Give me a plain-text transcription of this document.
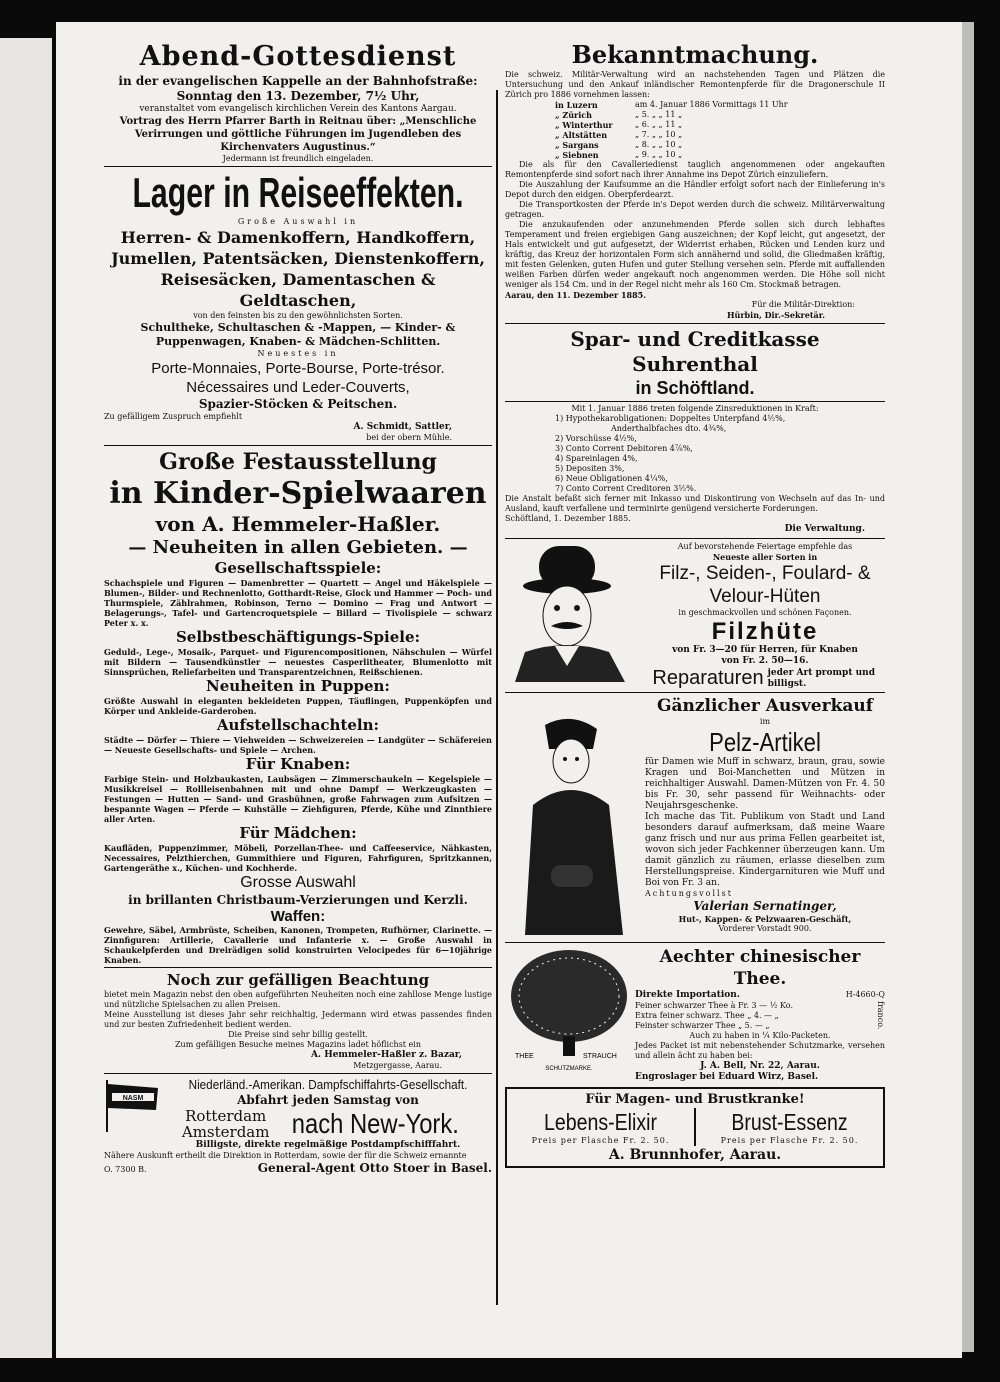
Abend-Gottesdienst
in der evangelischen Kappelle an der Bahnhofstraße:
Sonntag den 13. Dezember, 7½ Uhr,
veranstaltet vom evangelisch kirchlichen Verein des Kantons Aargau.
Vortrag des Herrn Pfarrer Barth in Reitnau über: „Menschliche Verirrungen und göttliche Führungen im Jugendleben des Kirchenvaters Augustinus.“
Jedermann ist freundlich eingeladen.
Lager in Reiseeffekten.
Große Auswahl in
Herren- & Damenkoffern, Handkoffern, Jumellen, Patentsäcken, Dienstenkoffern, Reisesäcken, Damentaschen & Geldtaschen,
von den feinsten bis zu den gewöhnlichsten Sorten.
Schultheke, Schultaschen & -Mappen, — Kinder- & Puppenwagen, Knaben- & Mädchen-Schlitten.
Neuestes in
Porte-Monnaies, Porte-Bourse, Porte-trésor.
Nécessaires und Leder-Couverts,
Spazier-Stöcken & Peitschen.
Zu gefälligem Zuspruch empfiehlt
A. Schmidt, Sattler,
bei der obern Mühle.
Große Festausstellung
in Kinder-Spielwaaren
von A. Hemmeler-Haßler.
— Neuheiten in allen Gebieten. —
Gesellschaftsspiele:
Schachspiele und Figuren — Damenbretter — Quartett — Angel und Häkelspiele — Blumen-, Bilder- und Rechnenlotto, Gotthardt-Reise, Glock und Hammer — Poch- und Thurmspiele, Zählrahmen, Robinson, Terno — Domino — Frag und Antwort — Belagerungs-, Tafel- und Gartencroquetspiele — Billard — Tivolispiele — schwarz Peter x. x.
Selbstbeschäftigungs-Spiele:
Geduld-, Lege-, Mosaik-, Parquet- und Figurencompositionen, Nähschulen — Würfel mit Bildern — Tausendkünstler — neuestes Casperlitheater, Blumenlotto mit Sinnsprüchen, Reliefarbeiten und Transparentzeichnen, Reißschienen.
Neuheiten in Puppen:
Größte Auswahl in eleganten bekleideten Puppen, Täuflingen, Puppenköpfen und Körper und Ankleide-Garderoben.
Aufstellschachteln:
Städte — Dörfer — Thiere — Viehweiden — Schweizereien — Landgüter — Schäfereien — Neueste Gesellschafts- und Spiele — Archen.
Für Knaben:
Farbige Stein- und Holzbaukasten, Laubsägen — Zimmerschaukeln — Kegelspiele — Musikkreisel — Rollleisenbahnen mit und ohne Dampf — Werkzeugkasten — Festungen — Hutten — Sand- und Grasbühnen, große Fahrwagen zum Aufsitzen — bespannte Wagen — Pferde — Kuhställe — Ziehfiguren, Pferde, Kühe und Zinnthiere aller Arten.
Für Mädchen:
Kaufläden, Puppenzimmer, Möbeli, Porzellan-Thee- und Caffeeservice, Nähkasten, Necessaires, Pelzthierchen, Gummithiere und Figuren, Fahrfiguren, Spritzkannen, Gartengeräthe x., Küchen- und Kochherde.
Grosse Auswahl
in brillanten Christbaum-Verzierungen und Kerzli.
Waffen:
Gewehre, Säbel, Armbrüste, Scheiben, Kanonen, Trompeten, Rufhörner, Clarinette. — Zinnfiguren: Artillerie, Cavallerie und Infanterie x. — Große Auswahl in Schaukelpferden und Dreirädigen solid konstruirten Velocipedes für 6—10jährige Knaben.
Noch zur gefälligen Beachtung
bietet mein Magazin nebst den oben aufgeführten Neuheiten noch eine zahllose Menge lustige und nützliche Spielsachen zu allen Preisen.
Meine Ausstellung ist dieses Jahr sehr reichhaltig, Jedermann wird etwas passendes finden und zur besten Zufriedenheit bedient werden.
Die Preise sind sehr billig gestellt.
Zum gefälligen Besuche meines Magazins ladet höflichst ein
A. Hemmeler-Haßler z. Bazar,
Metzgergasse, Aarau.
NASM
Niederländ.-Amerikan. Dampfschiffahrts-Gesellschaft.
Abfahrt jeden Samstag von
Rotterdam
Amsterdam nach New-York.
Billigste, direkte regelmäßige Postdampfschifffahrt.
Nähere Auskunft ertheilt die Direktion in Rotterdam, sowie der für die Schweiz ernannte
O. 7300 B.	General-Agent Otto Stoer in Basel.
Bekanntmachung.
Die schweiz. Militär-Verwaltung wird an nachstehenden Tagen und Plätzen die Untersuchung und den Ankauf inländischer Remontenpferde für die Dragonerschule II Zürich pro 1886 vornehmen lassen:
in Luzern	am 4. Januar 1886 Vormittags 11 Uhr
„ Zürich	„ 5. „ „ 11 „
„ Winterthur	„ 6. „ „ 11 „
„ Altstätten	„ 7. „ „ 10 „
„ Sargans	„ 8. „ „ 10 „
„ Siebnen	„ 9. „ „ 10 „
Die als für den Cavalleriedienst tauglich angenommenen oder angekauften Remontenpferde sind sofort nach ihrer Annahme ins Depot Zürich einzuliefern.
Die Auszahlung der Kaufsumme an die Händler erfolgt sofort nach der Einlieferung in's Depot durch den eidgen. Oberpferdearzt.
Die Transportkosten der Pferde in's Depot werden durch die schweiz. Militärverwaltung getragen.
Die anzukaufenden oder anzunehmenden Pferde sollen sich durch lebhaftes Temperament und freien ergiebigen Gang auszeichnen; der Kopf leicht, gut angesetzt, der Hals entwickelt und gut aufgesetzt, der Widerrist erhaben, Rücken und Lenden kurz und kräftig, das Kreuz der horizontalen Form sich annähernd und solid, die Gliedmaßen kräftig, mit festen Gelenken, guten Hufen und guter Stellung versehen sein. Pferde mit auffallenden weißen Farben dürfen weder angekauft noch angenommen werden. Die Höhe soll nicht weniger als 154 Cm. und in der Regel nicht mehr als 160 Cm. Stockmaß betragen.
Aarau, den 11. Dezember 1885.
Für die Militär-Direktion:
Hürbin, Dir.-Sekretär.
Spar- und Creditkasse Suhrenthal
in Schöftland.
Mit 1. Januar 1886 treten folgende Zinsreduktionen in Kraft:
1) Hypothekarobligationen: Doppeltes Unterpfand 4½%,
Anderthalbfaches dto. 4¾%,
2) Vorschüsse 4½%,
3) Conto Corrent Debitoren 4⅞%,
4) Spareinlagen 4%,
5) Depositen 3%,
6) Neue Obligationen 4¼%,
7) Conto Corrent Creditoren 3½%.
Die Anstalt befaßt sich ferner mit Inkasso und Diskontirung von Wechseln auf das In- und Ausland, kauft verfallene und terminirte genügend versicherte Forderungen.
Schöftland, 1. Dezember 1885.
Die Verwaltung.
Auf bevorstehende Feiertage empfehle das
Neueste aller Sorten in
Filz-, Seiden-, Foulard- &
Velour-Hüten
in geschmackvollen und schönen Façonen.
Filzhüte
von Fr. 3—20 für Herren, für Knaben
von Fr. 2. 50—16.
Reparaturen jeder Art prompt und billigst.
Gänzlicher Ausverkauf
im
Pelz-Artikel
für Damen wie Muff in schwarz, braun, grau, sowie Kragen und Boi-Manchetten und Mützen in reichhaltiger Auswahl. Damen-Mützen von Fr. 4. 50 bis Fr. 30, sehr passend für Weihnachts- oder Neujahrsgeschenke.
Ich mache das Tit. Publikum von Stadt und Land besonders darauf aufmerksam, daß meine Waare ganz frisch und nur aus prima Fellen gearbeitet ist, wovon sich jeder Fachkenner überzeugen kann. Um damit gänzlich zu räumen, erlasse dieselben zum Herstellungspreise. Kindergarnituren wie Muff und Boi von Fr. 3 an.
Achtungsvollst
Valerian Sernatinger,
Hut-, Kappen- & Pelzwaaren-Geschäft,
Vorderer Vorstadt 900.
THEE	STRAUCH
SCHUTZMARKE.
Aechter chinesischer Thee.
Direkte Importation.	H-4660-Q
Feiner schwarzer Thee à Fr. 3 — ½ Ko.
Extra feiner schwarz. Thee „ 4. — „
Feinster schwarzer Thee „ 5. — „	franco.
Auch zu haben in ¼ Kilo-Packeten.
Jedes Packet ist mit nebenstehender Schutzmarke, versehen und allein ächt zu haben bei:
J. A. Bell, Nr. 22, Aarau.
Engroslager bei Eduard Wirz, Basel.
Für Magen- und Brustkranke!
Lebens-Elixir
Preis per Flasche Fr. 2. 50.
Brust-Essenz
Preis per Flasche Fr. 2. 50.
A. Brunnhofer, Aarau.
